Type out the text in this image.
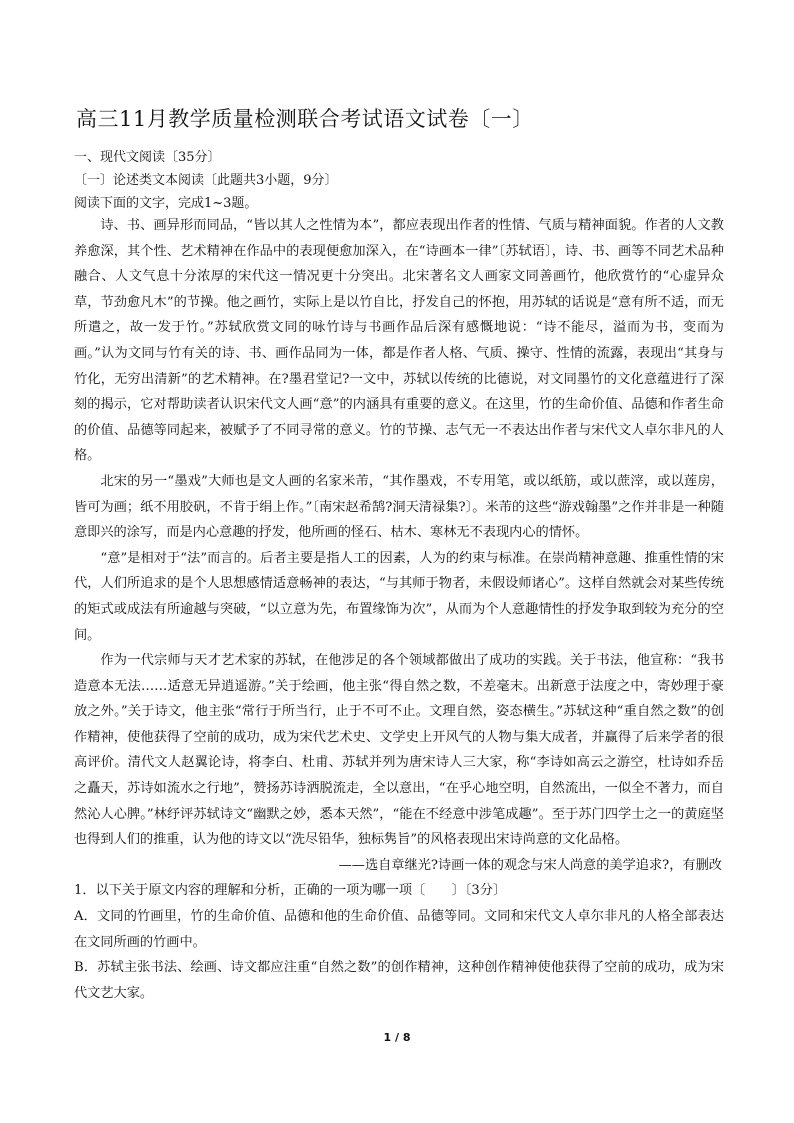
高三11月教学质量检测联合考试语文试卷〔一〕
一、现代文阅读〔35分〕
〔一〕论述类文本阅读〔此题共3小题，9分〕
阅读下面的文字，完成1~3题。

诗、书、画异形而同品，“皆以其人之性情为本”，都应表现出作者的性情、气质与精神面貌。作者的人文教养愈深，其个性、艺术精神在作品中的表现便愈加深入，在“诗画本一律”〔苏轼语〕，诗、书、画等不同艺术品种融合、人文气息十分浓厚的宋代这一情况更十分突出。北宋著名文人画家文同善画竹，他欣赏竹的“心虚异众草，节劲愈凡木”的节操。他之画竹，实际上是以竹自比，抒发自己的怀抱，用苏轼的话说是“意有所不适，而无所遣之，故一发于竹。”苏轼欣赏文同的咏竹诗与书画作品后深有感慨地说：“诗不能尽，溢而为书，变而为画。”认为文同与竹有关的诗、书、画作品同为一体，都是作者人格、气质、操守、性情的流露，表现出“其身与竹化，无穷出清新”的艺术精神。在?墨君堂记?一文中，苏轼以传统的比德说，对文同墨竹的文化意蕴进行了深刻的揭示，它对帮助读者认识宋代文人画“意”的内涵具有重要的意义。在这里，竹的生命价值、品德和作者生命的价值、品德等同起来，被赋予了不同寻常的意义。竹的节操、志气无一不表达出作者与宋代文人卓尔非凡的人格。

北宋的另一“墨戏”大师也是文人画的名家米芾，“其作墨戏，不专用笔，或以纸筋，或以蔗滓，或以莲房，皆可为画；纸不用胶矾，不肯于绢上作。”〔南宋赵希鹄?洞天清禄集?〕。米芾的这些“游戏翰墨”之作并非是一种随意即兴的涂写，而是内心意趣的抒发，他所画的怪石、枯木、寒林无不表现内心的情怀。

“意”是相对于“法”而言的。后者主要是指人工的因素，人为的约束与标准。在崇尚精神意趣、推重性情的宋代，人们所追求的是个人思想感情适意畅神的表达，“与其师于物者，未假设师诸心”。这样自然就会对某些传统的矩式或成法有所逾越与突破，“以立意为先，布置缘饰为次”，从而为个人意趣情性的抒发争取到较为充分的空间。

作为一代宗师与天才艺术家的苏轼，在他涉足的各个领域都做出了成功的实践。关于书法，他宣称：“我书造意本无法……适意无异逍遥游。”关于绘画，他主张“得自然之数，不差毫末。出新意于法度之中，寄妙理于豪放之外。”关于诗文，他主张“常行于所当行，止于不可不止。文理自然，姿态横生。”苏轼这种“重自然之数”的创作精神，使他获得了空前的成功，成为宋代艺术史、文学史上开风气的人物与集大成者，并赢得了后来学者的很高评价。清代文人赵翼论诗，将李白、杜甫、苏轼并列为唐宋诗人三大家，称“李诗如高云之游空，杜诗如乔岳之矗天，苏诗如流水之行地”，赞扬苏诗洒脱流走，全以意出，“在乎心地空明，自然流出，一似全不著力，而自然沁人心脾。”林纾评苏轼诗文“幽默之妙，悉本天然”，“能在不经意中涉笔成趣”。至于苏门四学士之一的黄庭坚也得到人们的推重，认为他的诗文以“洗尽铅华，独标隽旨”的风格表现出宋诗尚意的文化品格。

——选自章继光?诗画一体的观念与宋人尚意的美学追求?，有删改

1．以下关于原文内容的理解和分析，正确的一项为哪一项〔　　〕〔3分〕

A．文同的竹画里，竹的生命价值、品德和他的生命价值、品德等同。文同和宋代文人卓尔非凡的人格全部表达在文同所画的竹画中。

B．苏轼主张书法、绘画、诗文都应注重“自然之数”的创作精神，这种创作精神使他获得了空前的成功，成为宋代文艺大家。

1 / 8
